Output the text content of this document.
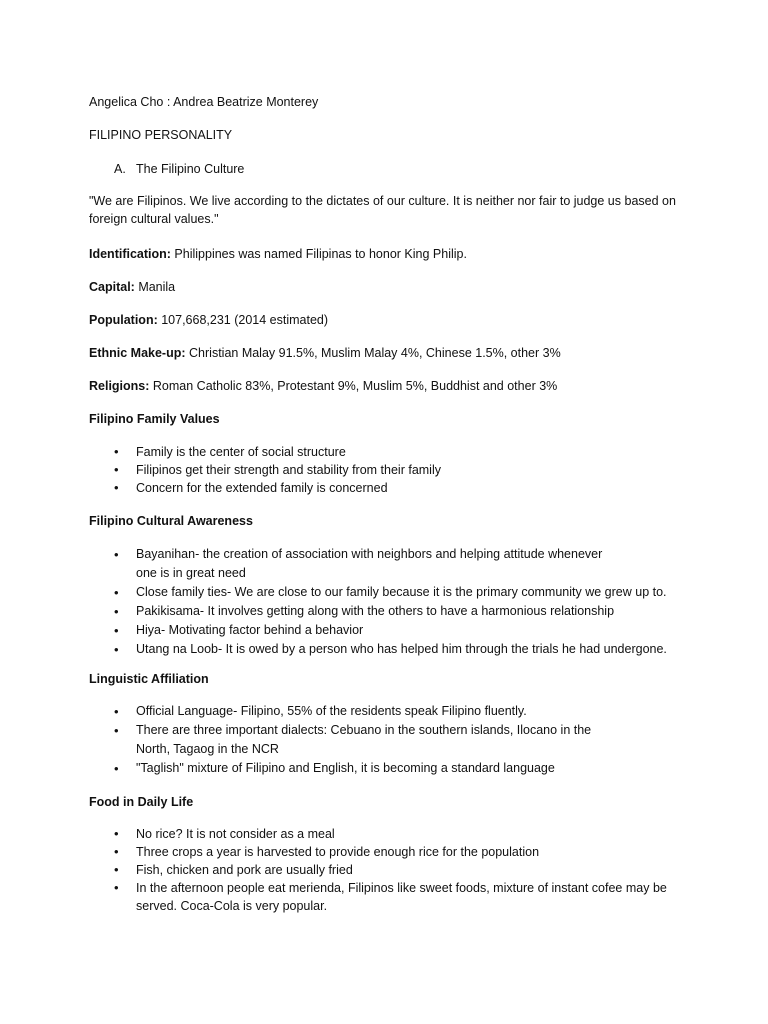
Angelica Cho : Andrea Beatrize Monterey

FILIPINO PERSONALITY

A. The Filipino Culture

"We are Filipinos. We live according to the dictates of our culture. It is neither nor fair to judge us based on foreign cultural values."

Identification: Philippines was named Filipinas to honor King Philip.

Capital: Manila

Population: 107,668,231 (2014 estimated)

Ethnic Make-up: Christian Malay 91.5%, Muslim Malay 4%, Chinese 1.5%, other 3%

Religions: Roman Catholic 83%, Protestant 9%, Muslim 5%, Buddhist and other 3%

Filipino Family Values

• Family is the center of social structure
• Filipinos get their strength and stability from their family
• Concern for the extended family is concerned

Filipino Cultural Awareness

• Bayanihan- the creation of association with neighbors and helping attitude whenever one is in great need
• Close family ties- We are close to our family because it is the primary community we grew up to.
• Pakikisama- It involves getting along with the others to have a harmonious relationship
• Hiya- Motivating factor behind a behavior
• Utang na Loob- It is owed by a person who has helped him through the trials he had undergone.

Linguistic Affiliation

• Official Language- Filipino, 55% of the residents speak Filipino fluently.
• There are three important dialects: Cebuano in the southern islands, Ilocano in the North, Tagaog in the NCR
• "Taglish" mixture of Filipino and English, it is becoming a standard language

Food in Daily Life

• No rice? It is not consider as a meal
• Three crops a year is harvested to provide enough rice for the population
• Fish, chicken and pork are usually fried
• In the afternoon people eat merienda, Filipinos like sweet foods, mixture of instant cofee may be served. Coca-Cola is very popular.
